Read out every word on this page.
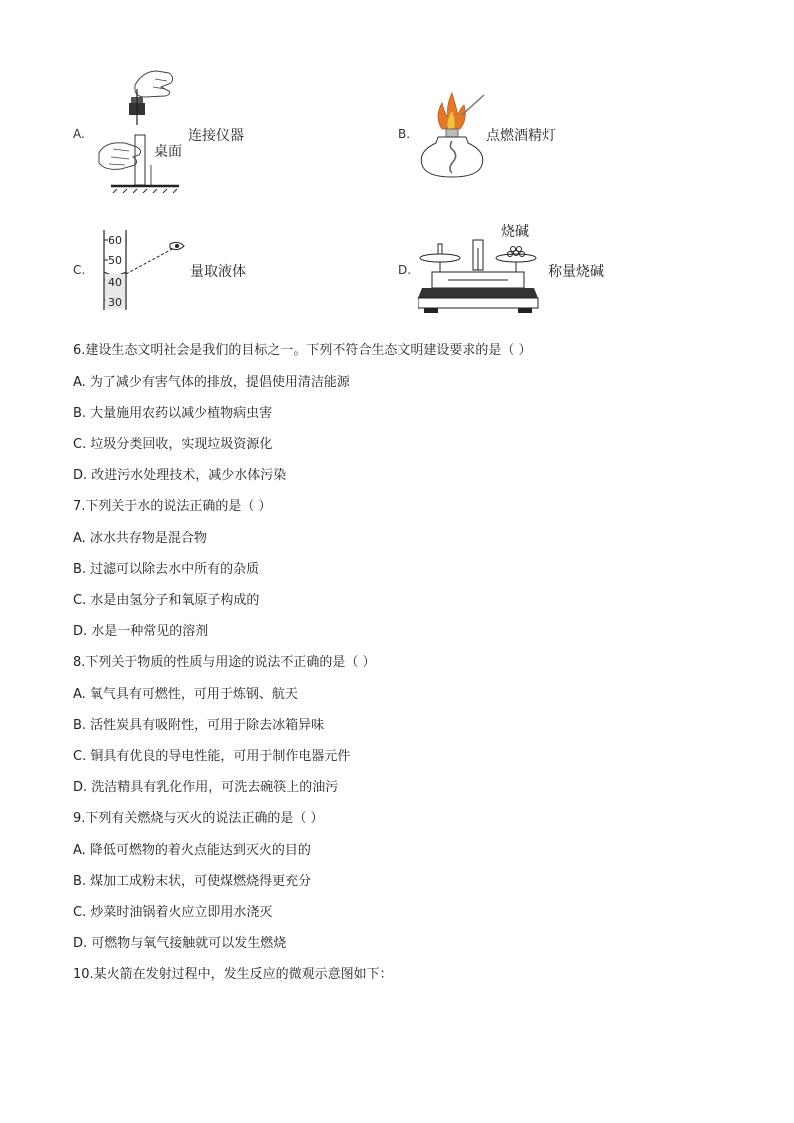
A.	连接仪器
桌面
B.	点燃酒精灯
C.
60
50
40
30
量取液体	D.
烧碱
称量烧碱
6.建设生态文明社会是我们的目标之一。下列不符合生态文明建设要求的是（ ）
A. 为了减少有害气体的排放，提倡使用清洁能源
B. 大量施用农药以减少植物病虫害
C. 垃圾分类回收，实现垃圾资源化
D. 改进污水处理技术，减少水体污染
7.下列关于水的说法正确的是（ ）
A. 冰水共存物是混合物
B. 过滤可以除去水中所有的杂质
C. 水是由氢分子和氧原子构成的
D. 水是一种常见的溶剂
8.下列关于物质的性质与用途的说法不正确的是（ ）
A. 氧气具有可燃性，可用于炼钢、航天
B. 活性炭具有吸附性，可用于除去冰箱异味
C. 铜具有优良的导电性能，可用于制作电器元件
D. 洗洁精具有乳化作用，可洗去碗筷上的油污
9.下列有关燃烧与灭火的说法正确的是（ ）
A. 降低可燃物的着火点能达到灭火的目的
B. 煤加工成粉末状，可使煤燃烧得更充分
C. 炒菜时油锅着火应立即用水浇灭
D. 可燃物与氧气接触就可以发生燃烧
10.某火箭在发射过程中，发生反应的微观示意图如下：
